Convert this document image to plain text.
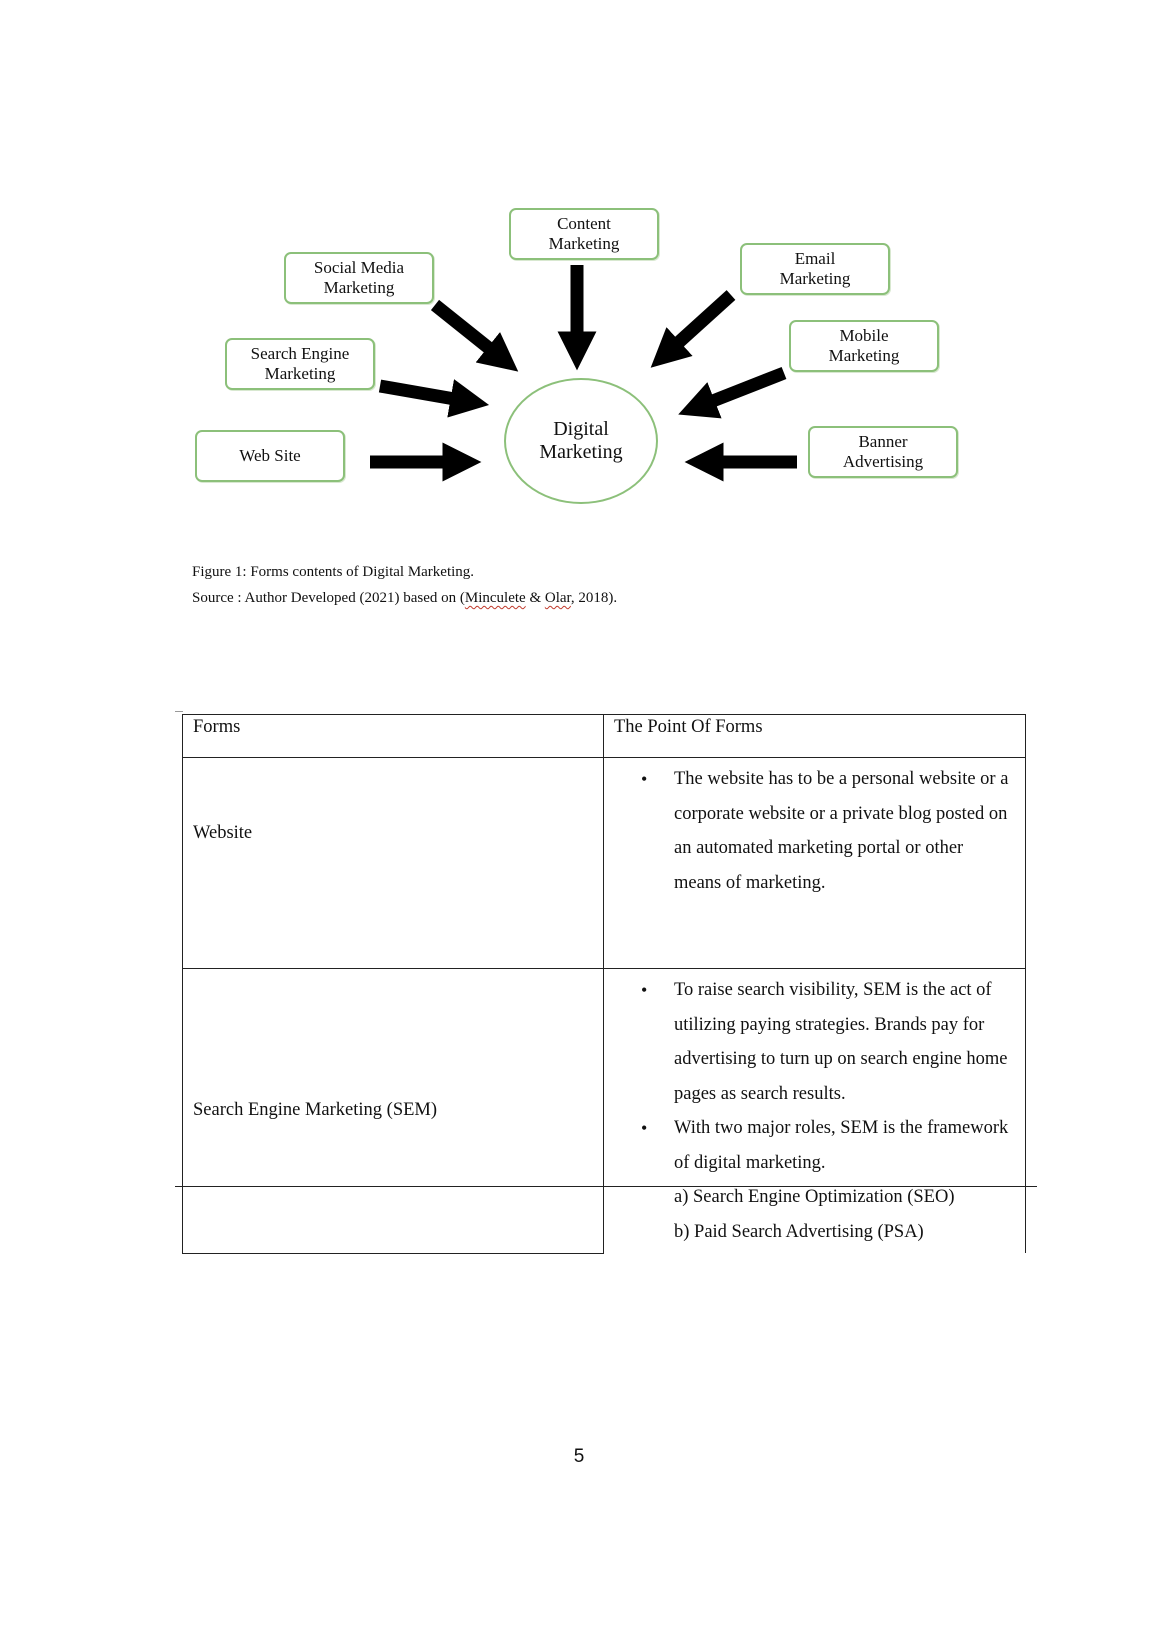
Content
Marketing
Social Media
Marketing
Email
Marketing
Search Engine
Marketing
Mobile
Marketing
Web Site
Banner
Advertising
Digital
Marketing
Figure 1: Forms contents of Digital Marketing.
Source : Author Developed (2021) based on (Minculete & Olar, 2018).
Forms	The Point Of Forms
Website	• The website has to be a personal website or a corporate website or a private blog posted on an automated marketing portal or other means of marketing.

Search Engine Marketing (SEM)	• To raise search visibility, SEM is the act of utilizing paying strategies. Brands pay for advertising to turn up on search engine home pages as search results.
• With two major roles, SEM is the framework of digital marketing.
a) Search Engine Optimization (SEO)
b) Paid Search Advertising (PSA)
5
